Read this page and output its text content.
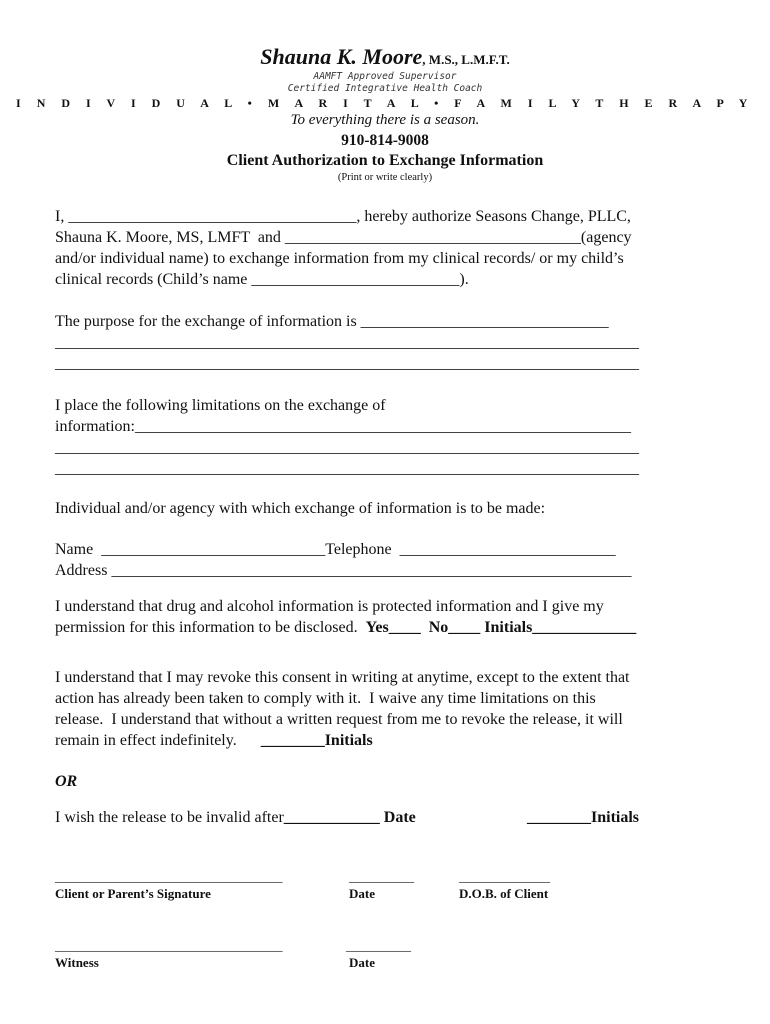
Shauna K. Moore, M.S., L.M.F.T.
AAMFT Approved Supervisor
Certified Integrative Health Coach
I N D I V I D U A L • M A R I T A L • F A M I L Y T H E R A P Y
To everything there is a season.
910-814-9008
Client Authorization to Exchange Information
(Print or write clearly)
I, ____________________________________, hereby authorize Seasons Change, PLLC,
Shauna K. Moore, MS, LMFT  and _____________________________________(agency
and/or individual name) to exchange information from my clinical records/ or my child’s
clinical records (Child’s name __________________________).
The purpose for the exchange of information is _______________________________
_________________________________________________________________________
_________________________________________________________________________
I place the following limitations on the exchange of
information:______________________________________________________________
_________________________________________________________________________
_________________________________________________________________________
Individual and/or agency with which exchange of information is to be made:
Name  ____________________________Telephone  ___________________________
Address _________________________________________________________________
I understand that drug and alcohol information is protected information and I give my
permission for this information to be disclosed.  Yes____  No____ Initials_____________
I understand that I may revoke this consent in writing at anytime, except to the extent that
action has already been taken to comply with it.  I waive any time limitations on this
release.  I understand that without a written request from me to revoke the release, it will
remain in effect indefinitely.      ________Initials
OR
I wish the release to be invalid after____________ Date	________Initials
___________________________________	__________	______________
Client or Parent’s Signature	Date	D.O.B. of Client
___________________________________	__________
Witness	Date
